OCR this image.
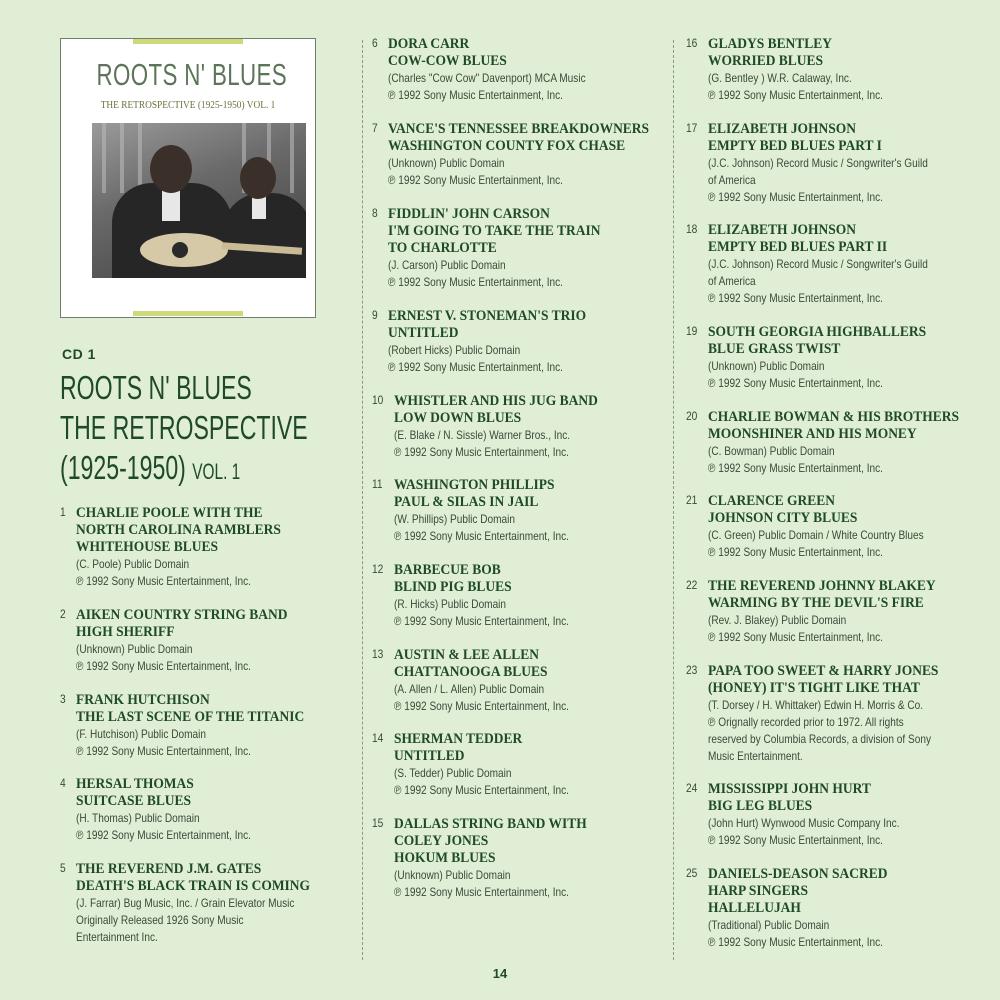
ROOTS N' BLUES
THE RETROSPECTIVE (1925-1950) VOL. 1
CD 1
ROOTS N' BLUES
THE RETROSPECTIVE
(1925-1950) VOL. 1
1 CHARLIE POOLE WITH THE
NORTH CAROLINA RAMBLERS
WHITEHOUSE BLUES
(C. Poole) Public Domain
℗ 1992 Sony Music Entertainment, Inc.
2 AIKEN COUNTRY STRING BAND
HIGH SHERIFF
(Unknown) Public Domain
℗ 1992 Sony Music Entertainment, Inc.
3 FRANK HUTCHISON
THE LAST SCENE OF THE TITANIC
(F. Hutchison) Public Domain
℗ 1992 Sony Music Entertainment, Inc.
4 HERSAL THOMAS
SUITCASE BLUES
(H. Thomas) Public Domain
℗ 1992 Sony Music Entertainment, Inc.
5 THE REVEREND J.M. GATES
DEATH'S BLACK TRAIN IS COMING
(J. Farrar) Bug Music, Inc. / Grain Elevator Music
Originally Released 1926 Sony Music
Entertainment Inc.
6 DORA CARR
COW-COW BLUES
(Charles "Cow Cow" Davenport) MCA Music
℗ 1992 Sony Music Entertainment, Inc.
7 VANCE'S TENNESSEE BREAKDOWNERS
WASHINGTON COUNTY FOX CHASE
(Unknown) Public Domain
℗ 1992 Sony Music Entertainment, Inc.
8 FIDDLIN' JOHN CARSON
I'M GOING TO TAKE THE TRAIN
TO CHARLOTTE
(J. Carson) Public Domain
℗ 1992 Sony Music Entertainment, Inc.
9 ERNEST V. STONEMAN'S TRIO
UNTITLED
(Robert Hicks) Public Domain
℗ 1992 Sony Music Entertainment, Inc.
10 WHISTLER AND HIS JUG BAND
LOW DOWN BLUES
(E. Blake / N. Sissle) Warner Bros., Inc.
℗ 1992 Sony Music Entertainment, Inc.
11 WASHINGTON PHILLIPS
PAUL & SILAS IN JAIL
(W. Phillips) Public Domain
℗ 1992 Sony Music Entertainment, Inc.
12 BARBECUE BOB
BLIND PIG BLUES
(R. Hicks) Public Domain
℗ 1992 Sony Music Entertainment, Inc.
13 AUSTIN & LEE ALLEN
CHATTANOOGA BLUES
(A. Allen / L. Allen) Public Domain
℗ 1992 Sony Music Entertainment, Inc.
14 SHERMAN TEDDER
UNTITLED
(S. Tedder) Public Domain
℗ 1992 Sony Music Entertainment, Inc.
15 DALLAS STRING BAND WITH
COLEY JONES
HOKUM BLUES
(Unknown) Public Domain
℗ 1992 Sony Music Entertainment, Inc.
16 GLADYS BENTLEY
WORRIED BLUES
(G. Bentley ) W.R. Calaway, Inc.
℗ 1992 Sony Music Entertainment, Inc.
17 ELIZABETH JOHNSON
EMPTY BED BLUES PART I
(J.C. Johnson) Record Music / Songwriter's Guild
of America
℗ 1992 Sony Music Entertainment, Inc.
18 ELIZABETH JOHNSON
EMPTY BED BLUES PART II
(J.C. Johnson) Record Music / Songwriter's Guild
of America
℗ 1992 Sony Music Entertainment, Inc.
19 SOUTH GEORGIA HIGHBALLERS
BLUE GRASS TWIST
(Unknown) Public Domain
℗ 1992 Sony Music Entertainment, Inc.
20 CHARLIE BOWMAN & HIS BROTHERS
MOONSHINER AND HIS MONEY
(C. Bowman) Public Domain
℗ 1992 Sony Music Entertainment, Inc.
21 CLARENCE GREEN
JOHNSON CITY BLUES
(C. Green) Public Domain / White Country Blues
℗ 1992 Sony Music Entertainment, Inc.
22 THE REVEREND JOHNNY BLAKEY
WARMING BY THE DEVIL'S FIRE
(Rev. J. Blakey) Public Domain
℗ 1992 Sony Music Entertainment, Inc.
23 PAPA TOO SWEET & HARRY JONES
(HONEY) IT'S TIGHT LIKE THAT
(T. Dorsey / H. Whittaker) Edwin H. Morris & Co.
℗ Orignally recorded prior to 1972. All rights
reserved by Columbia Records, a division of Sony
Music Entertainment.
24 MISSISSIPPI JOHN HURT
BIG LEG BLUES
(John Hurt) Wynwood Music Company Inc.
℗ 1992 Sony Music Entertainment, Inc.
25 DANIELS-DEASON SACRED
HARP SINGERS
HALLELUJAH
(Traditional) Public Domain
℗ 1992 Sony Music Entertainment, Inc.
14
